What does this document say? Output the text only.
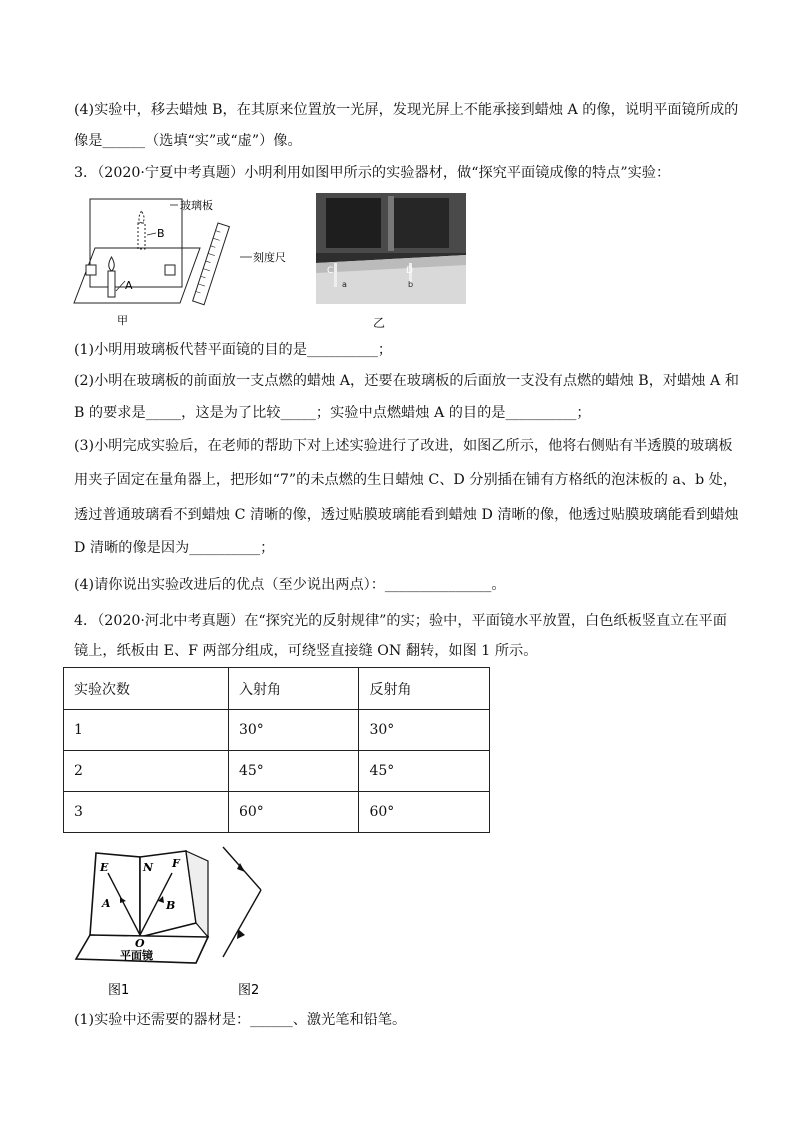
(4)实验中，移去蜡烛 B，在其原来位置放一光屏，发现光屏上不能承接到蜡烛 A 的像，说明平面镜所成的
像是______（选填“实”或“虚”）像。
3．（2020·宁夏中考真题）小明利用如图甲所示的实验器材，做“探究平面镜成像的特点”实验：
A
B
玻璃板
刻度尺
甲
C	D
a	b
乙
(1)小明用玻璃板代替平面镜的目的是__________；
(2)小明在玻璃板的前面放一支点燃的蜡烛 A，还要在玻璃板的后面放一支没有点燃的蜡烛 B，对蜡烛 A 和
B 的要求是_____，这是为了比较_____；实验中点燃蜡烛 A 的目的是__________；
(3)小明完成实验后，在老师的帮助下对上述实验进行了改进，如图乙所示，他将右侧贴有半透膜的玻璃板
用夹子固定在量角器上，把形如“7”的未点燃的生日蜡烛 C、D 分别插在铺有方格纸的泡沫板的 a、b 处，
透过普通玻璃看不到蜡烛 C 清晰的像，透过贴膜玻璃能看到蜡烛 D 清晰的像，他透过贴膜玻璃能看到蜡烛
D 清晰的像是因为__________；
(4)请你说出实验改进后的优点（至少说出两点）：_______________。
4．（2020·河北中考真题）在“探究光的反射规律”的实；验中，平面镜水平放置，白色纸板竖直立在平面
镜上，纸板由 E、F 两部分组成，可绕竖直接缝 ON 翻转，如图 1 所示。
实验次数	入射角	反射角
1	30°	30°
2	45°	45°
3	60°	60°
E	N F
A	B
O
平面镜
图1	图2
(1)实验中还需要的器材是：______、激光笔和铅笔。
